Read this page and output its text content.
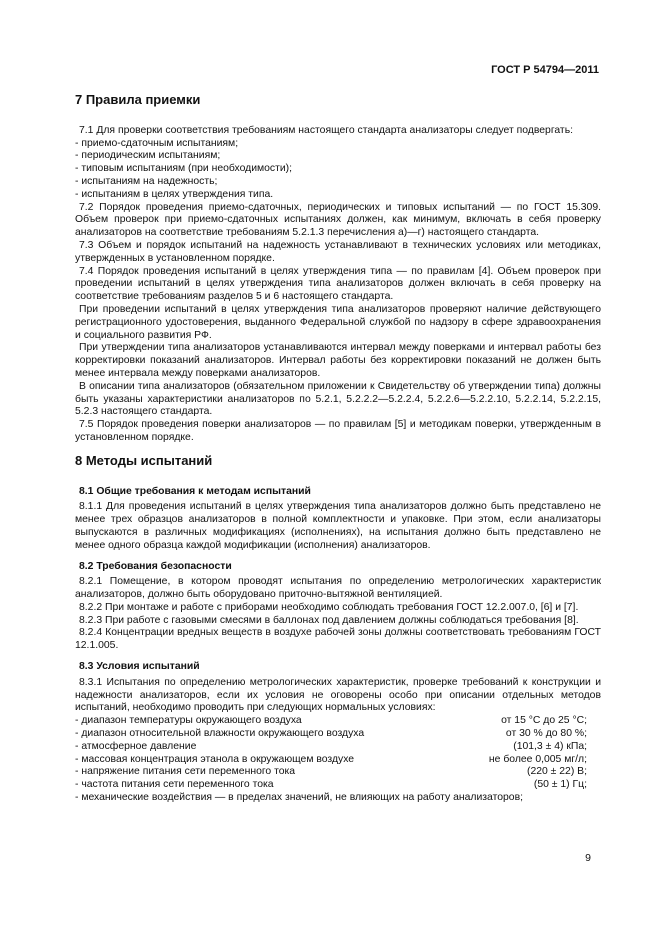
ГОСТ Р 54794—2011
7 Правила приемки

7.1 Для проверки соответствия требованиям настоящего стандарта анализаторы следует подвергать:

- приемо-сдаточным испытаниям;

- периодическим испытаниям;

- типовым испытаниям (при необходимости);

- испытаниям на надежность;

- испытаниям в целях утверждения типа.

7.2 Порядок проведения приемо-сдаточных, периодических и типовых испытаний — по ГОСТ 15.309. Объем проверок при приемо-сдаточных испытаниях должен, как минимум, включать в себя проверку анализаторов на соответствие требованиям 5.2.1.3 перечисления а)—г) настоящего стандарта.

7.3 Объем и порядок испытаний на надежность устанавливают в технических условиях или методиках, утвержденных в установленном порядке.

7.4 Порядок проведения испытаний в целях утверждения типа — по правилам [4]. Объем проверок при проведении испытаний в целях утверждения типа анализаторов должен включать в себя проверку на соответствие требованиям разделов 5 и 6 настоящего стандарта.

При проведении испытаний в целях утверждения типа анализаторов проверяют наличие действующего регистрационного удостоверения, выданного Федеральной службой по надзору в сфере здравоохранения и социального развития РФ.

При утверждении типа анализаторов устанавливаются интервал между поверками и интервал работы без корректировки показаний анализаторов. Интервал работы без корректировки показаний не должен быть менее интервала между поверками анализаторов.

В описании типа анализаторов (обязательном приложении к Свидетельству об утверждении типа) должны быть указаны характеристики анализаторов по 5.2.1, 5.2.2.2—5.2.2.4, 5.2.2.6—5.2.2.10, 5.2.2.14, 5.2.2.15, 5.2.3 настоящего стандарта.

7.5 Порядок проведения поверки анализаторов — по правилам [5] и методикам поверки, утвержденным в установленном порядке.

8 Методы испытаний
8.1 Общие требования к методам испытаний

8.1.1 Для проведения испытаний в целях утверждения типа анализаторов должно быть представлено не менее трех образцов анализаторов в полной комплектности и упаковке. При этом, если анализаторы выпускаются в различных модификациях (исполнениях), на испытания должно быть представлено не менее одного образца каждой модификации (исполнения) анализаторов.

8.2 Требования безопасности

8.2.1 Помещение, в котором проводят испытания по определению метрологических характеристик анализаторов, должно быть оборудовано приточно-вытяжной вентиляцией.

8.2.2 При монтаже и работе с приборами необходимо соблюдать требования ГОСТ 12.2.007.0, [6] и [7].

8.2.3 При работе с газовыми смесями в баллонах под давлением должны соблюдаться требования [8].

8.2.4 Концентрации вредных веществ в воздухе рабочей зоны должны соответствовать требованиям ГОСТ 12.1.005.

8.3 Условия испытаний

8.3.1 Испытания по определению метрологических характеристик, проверке требований к конструкции и надежности анализаторов, если их условия не оговорены особо при описании отдельных методов испытаний, необходимо проводить при следующих нормальных условиях:

- диапазон температуры окружающего воздуха	от 15 °С до 25 °С;
- диапазон относительной влажности окружающего воздуха	от 30 % до 80 %;
- атмосферное давление	(101,3 ± 4) кПа;
- массовая концентрация этанола в окружающем воздухе	не более 0,005 мг/л;
- напряжение питания сети переменного тока	(220 ± 22) В;
- частота питания сети переменного тока	(50 ± 1) Гц;

- механические воздействия — в пределах значений, не влияющих на работу анализаторов;

9
